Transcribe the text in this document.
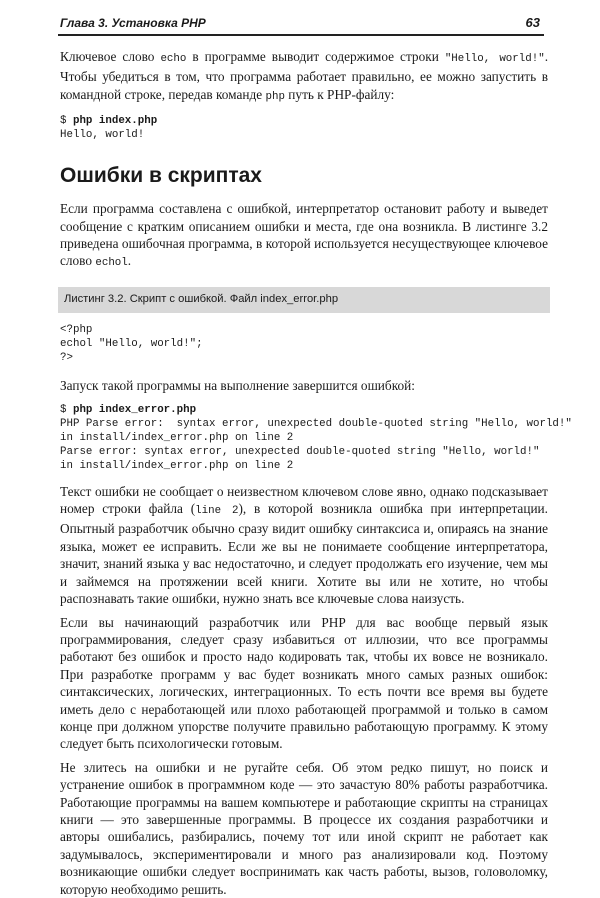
Глава 3. Установка PHP	63

Ключевое слово echo в программе выводит содержимое строки "Hello, world!". Чтобы убедиться в том, что программа работает правильно, ее можно запустить в командной строке, передав команде php путь к PHP-файлу:

$ php index.php
Hello, world!
Ошибки в скриптах

Если программа составлена с ошибкой, интерпретатор остановит работу и выведет сообщение с кратким описанием ошибки и места, где она возникла. В листинге 3.2 приведена ошибочная программа, в которой используется несуществующее ключевое слово echol.

Листинг 3.2. Скрипт с ошибкой. Файл index_error.php
<?php
echol "Hello, world!";
?>

Запуск такой программы на выполнение завершится ошибкой:

$ php index_error.php
PHP Parse error:  syntax error, unexpected double-quoted string "Hello, world!"
in install/index_error.php on line 2
Parse error: syntax error, unexpected double-quoted string "Hello, world!"
in install/index_error.php on line 2

Текст ошибки не сообщает о неизвестном ключевом слове явно, однако подсказывает номер строки файла (line 2), в которой возникла ошибка при интерпретации. Опытный разработчик обычно сразу видит ошибку синтаксиса и, опираясь на знание языка, может ее исправить. Если же вы не понимаете сообщение интерпретатора, значит, знаний языка у вас недостаточно, и следует продолжать его изучение, чем мы и займемся на протяжении всей книги. Хотите вы или не хотите, но чтобы распознавать такие ошибки, нужно знать все ключевые слова наизусть.

Если вы начинающий разработчик или PHP для вас вообще первый язык программирования, следует сразу избавиться от иллюзии, что все программы работают без ошибок и просто надо кодировать так, чтобы их вовсе не возникало. При разработке программ у вас будет возникать много самых разных ошибок: синтаксических, логических, интеграционных. То есть почти все время вы будете иметь дело с неработающей или плохо работающей программой и только в самом конце при должном упорстве получите правильно работающую программу. К этому следует быть психологически готовым.

Не злитесь на ошибки и не ругайте себя. Об этом редко пишут, но поиск и устранение ошибок в программном коде — это зачастую 80% работы разработчика. Работающие программы на вашем компьютере и работающие скрипты на страницах книги — это завершенные программы. В процессе их создания разработчики и авторы ошибались, разбирались, почему тот или иной скрипт не работает как задумывалось, экспериментировали и много раз анализировали код. Поэтому возникающие ошибки следует воспринимать как часть работы, вызов, головоломку, которую необходимо решить.
